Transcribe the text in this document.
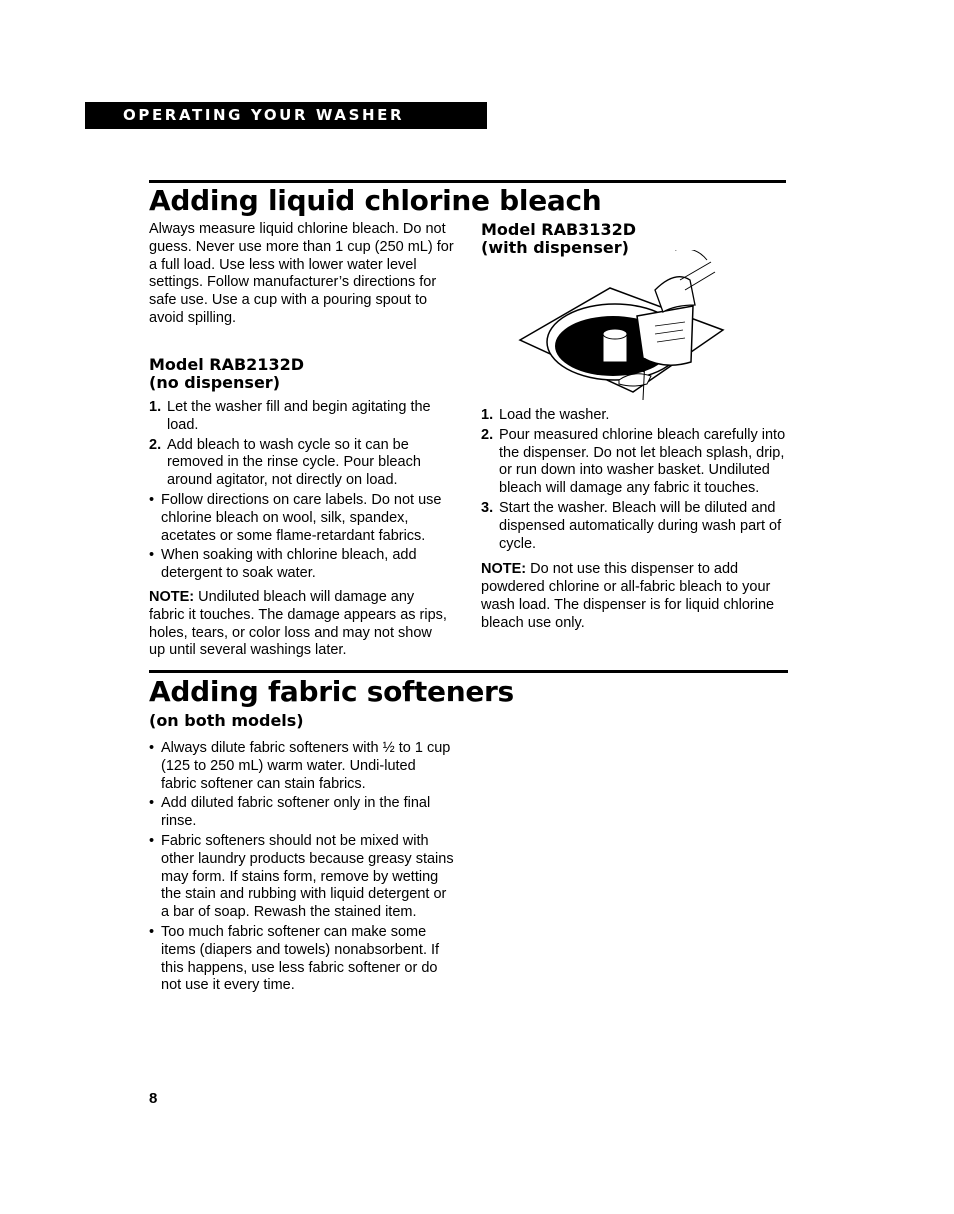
OPERATING YOUR WASHER
Adding liquid chlorine bleach

Always measure liquid chlorine bleach. Do not guess. Never use more than 1 cup (250 mL) for a full load. Use less with lower water level settings. Follow manufacturer’s directions for safe use. Use a cup with a pouring spout to avoid spilling.

Model RAB2132D
(no dispenser)
1. Let the washer fill and begin agitating the load.
2. Add bleach to wash cycle so it can be removed in the rinse cycle. Pour bleach around agitator, not directly on load.
• Follow directions on care labels. Do not use chlorine bleach on wool, silk, spandex, acetates or some flame-retardant fabrics.
• When soaking with chlorine bleach, add detergent to soak water.

NOTE: Undiluted bleach will damage any fabric it touches. The damage appears as rips, holes, tears, or color loss and may not show up until several washings later.

Model RAB3132D
(with dispenser)
1. Load the washer.
2. Pour measured chlorine bleach carefully into the dispenser. Do not let bleach splash, drip, or run down into washer basket. Undiluted bleach will damage any fabric it touches.
3. Start the washer. Bleach will be diluted and dispensed automatically during wash part of cycle.

NOTE: Do not use this dispenser to add powdered chlorine or all-fabric bleach to your wash load. The dispenser is for liquid chlorine bleach use only.

Adding fabric softeners
(on both models)
• Always dilute fabric softeners with ½ to 1 cup (125 to 250 mL) warm water. Undi-luted fabric softener can stain fabrics.
• Add diluted fabric softener only in the final rinse.
• Fabric softeners should not be mixed with other laundry products because greasy stains may form. If stains form, remove by wetting the stain and rubbing with liquid detergent or a bar of soap. Rewash the stained item.
• Too much fabric softener can make some items (diapers and towels) nonabsorbent. If this happens, use less fabric softener or do not use it every time.
8
